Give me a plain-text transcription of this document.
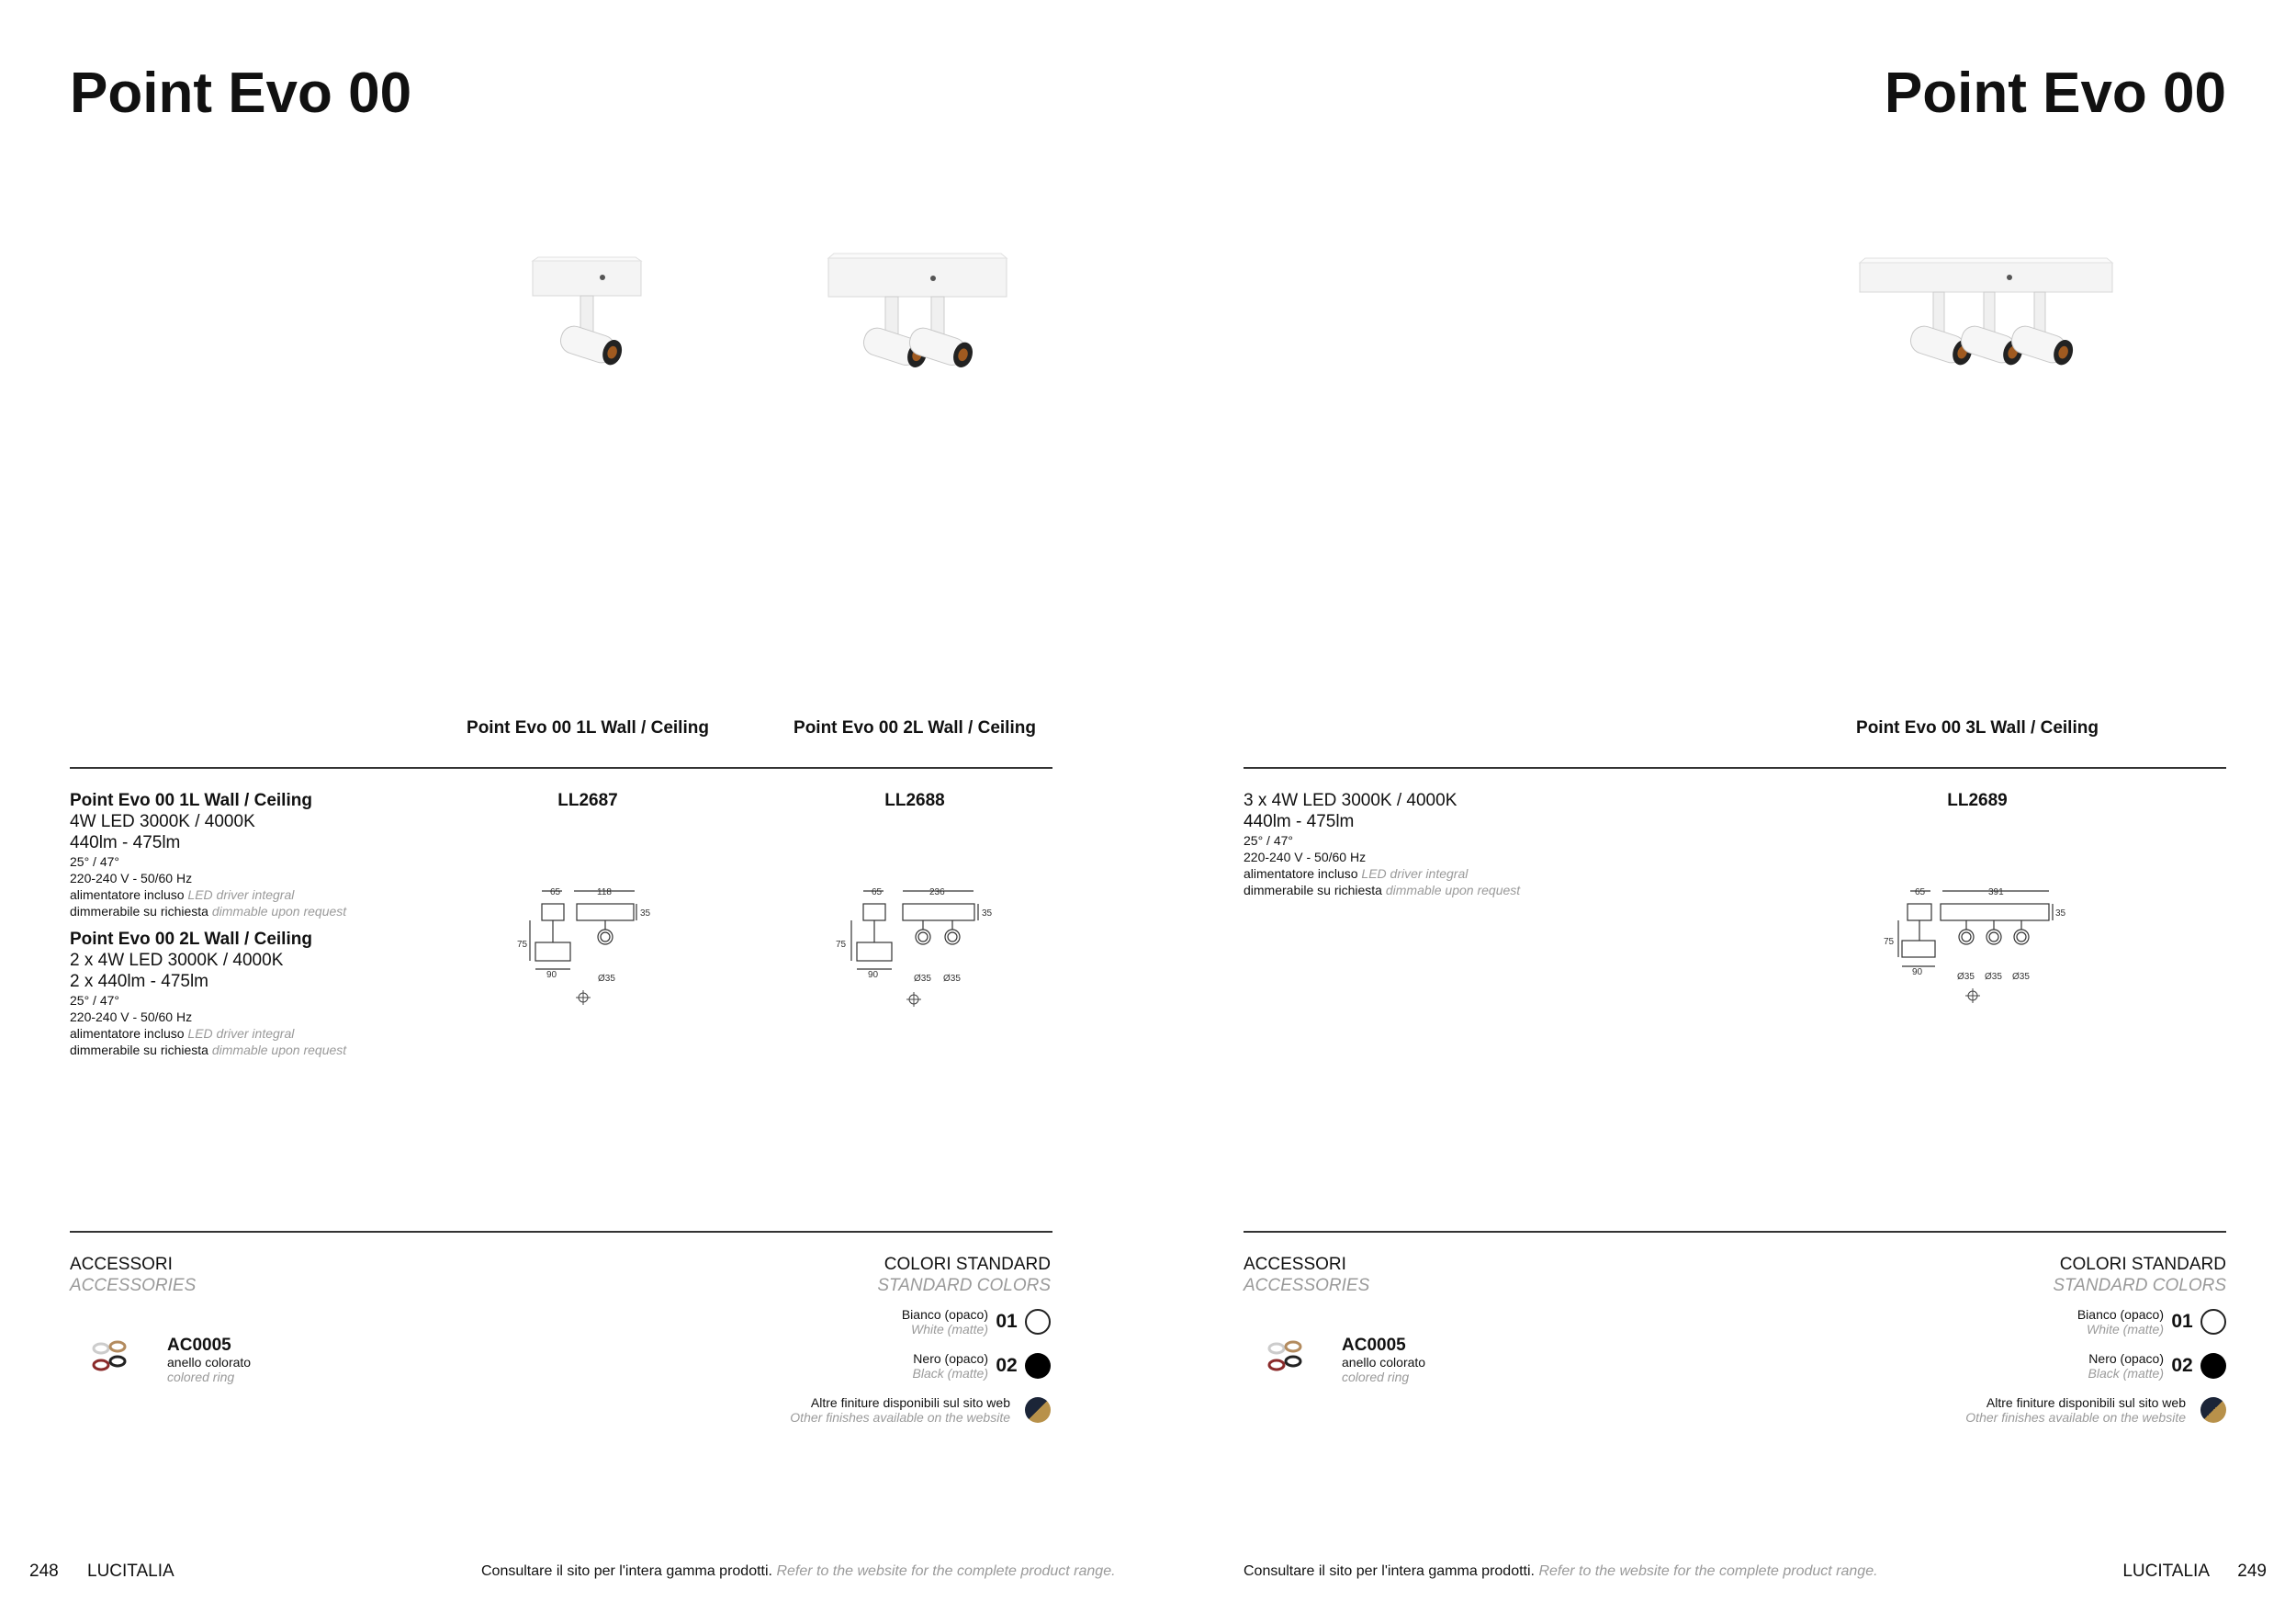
Point Evo 00
Point Evo 00 1L Wall / Ceiling	Point Evo 00 2L Wall / Ceiling

Point Evo 00 1L Wall / Ceiling

4W LED 3000K / 4000K

440lm - 475lm

25° / 47°

220-240 V - 50/60 Hz

alimentatore incluso LED driver integral

dimmerabile su richiesta dimmable upon request

Point Evo 00 2L Wall / Ceiling

2 x 4W LED 3000K / 4000K

2 x 440lm - 475lm

25° / 47°

220-240 V - 50/60 Hz

alimentatore incluso LED driver integral

dimmerabile su richiesta dimmable upon request

LL2687	LL2688
65	118
35
75
90	Ø35
65	236
35
75
90	Ø35 Ø35
ACCESSORI
ACCESSORIES
AC0005
anello colorato
colored ring
COLORI STANDARD
STANDARD COLORS
Bianco (opaco)
White (matte) 01
Nero (opaco)
Black (matte) 02
Altre finiture disponibili sul sito web
Other finishes available on the website
248 LUCITALIA	Consultare il sito per l'intera gamma prodotti. Refer to the website for the complete product range.
Point Evo 00
Point Evo 00 3L Wall / Ceiling

3 x 4W LED 3000K / 4000K

440lm - 475lm

25° / 47°

220-240 V - 50/60 Hz

alimentatore incluso LED driver integral

dimmerabile su richiesta dimmable upon request

LL2689
65	391
35
75
90	Ø35 Ø35 Ø35
ACCESSORI
ACCESSORIES
AC0005
anello colorato
colored ring
COLORI STANDARD
STANDARD COLORS
Bianco (opaco)
White (matte) 01
Nero (opaco)
Black (matte) 02
Altre finiture disponibili sul sito web
Other finishes available on the website
Consultare il sito per l'intera gamma prodotti. Refer to the website for the complete product range.	LUCITALIA 249
